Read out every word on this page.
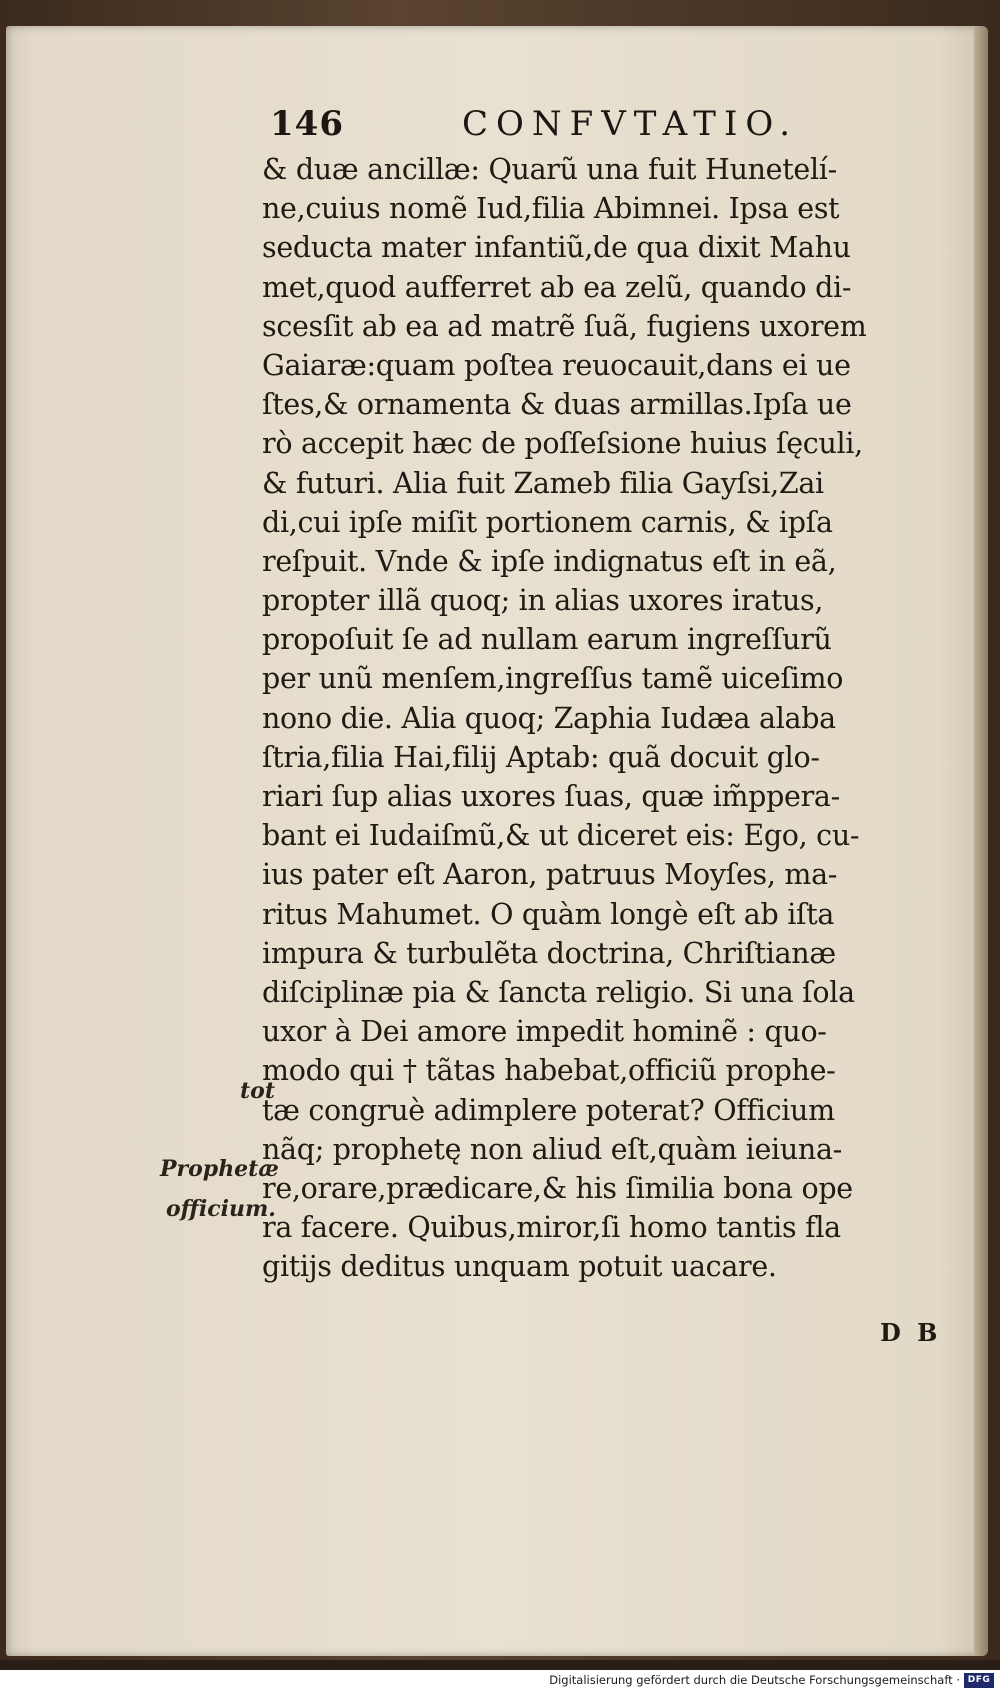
146	CONFVTATIO.
& duæ ancillæ: Quarũ una fuit Hunetelí-
ne,cuius nomẽ Iud,filia Abimnei. Ipsa est
seducta mater infantiũ,de qua dixit Mahu
met,quod aufferret ab ea zelũ, quando di-
scesſit ab ea ad matrẽ ſuã, fugiens uxorem
Gaiaræ:quam poſtea reuocauit,dans ei ue
ſtes,& ornamenta & duas armillas.Ipſa ue
rò accepit hæc de poſſeſsione huius ſęculi,
& futuri. Alia fuit Zameb filia Gayſsi,Zai
di,cui ipſe miſit portionem carnis, & ipſa
reſpuit. Vnde & ipſe indignatus eſt in eã,
propter illã quoq; in alias uxores iratus,
propoſuit ſe ad nullam earum ingreſſurũ
per unũ menſem,ingreſſus tamẽ uiceſimo
nono die. Alia quoq; Zaphia Iudæa alaba
ſtria,filia Hai,filij Aptab: quã docuit glo-
riari ſup alias uxores ſuas, quæ im̃ppera-
bant ei Iudaiſmũ,& ut diceret eis: Ego, cu-
ius pater eſt Aaron, patruus Moyſes, ma-
ritus Mahumet. O quàm longè eſt ab iſta
impura & turbulẽta doctrina, Chriſtianæ
diſciplinæ pia & ſancta religio. Si una ſola
uxor à Dei amore impedit hominẽ : quo-
modo qui † tãtas habebat,officiũ prophe-
tæ congruè adimplere poterat? Officium
nãq; prophetę non aliud eſt,quàm ieiuna-
re,orare,prædicare,& his ſimilia bona ope
ra facere. Quibus,miror,ſi homo tantis fla
gitijs deditus unquam potuit uacare.
tot
Prophetæ
officium.
D B
Digitalisierung gefördert durch die Deutsche Forschungsgemeinschaft · DFG
